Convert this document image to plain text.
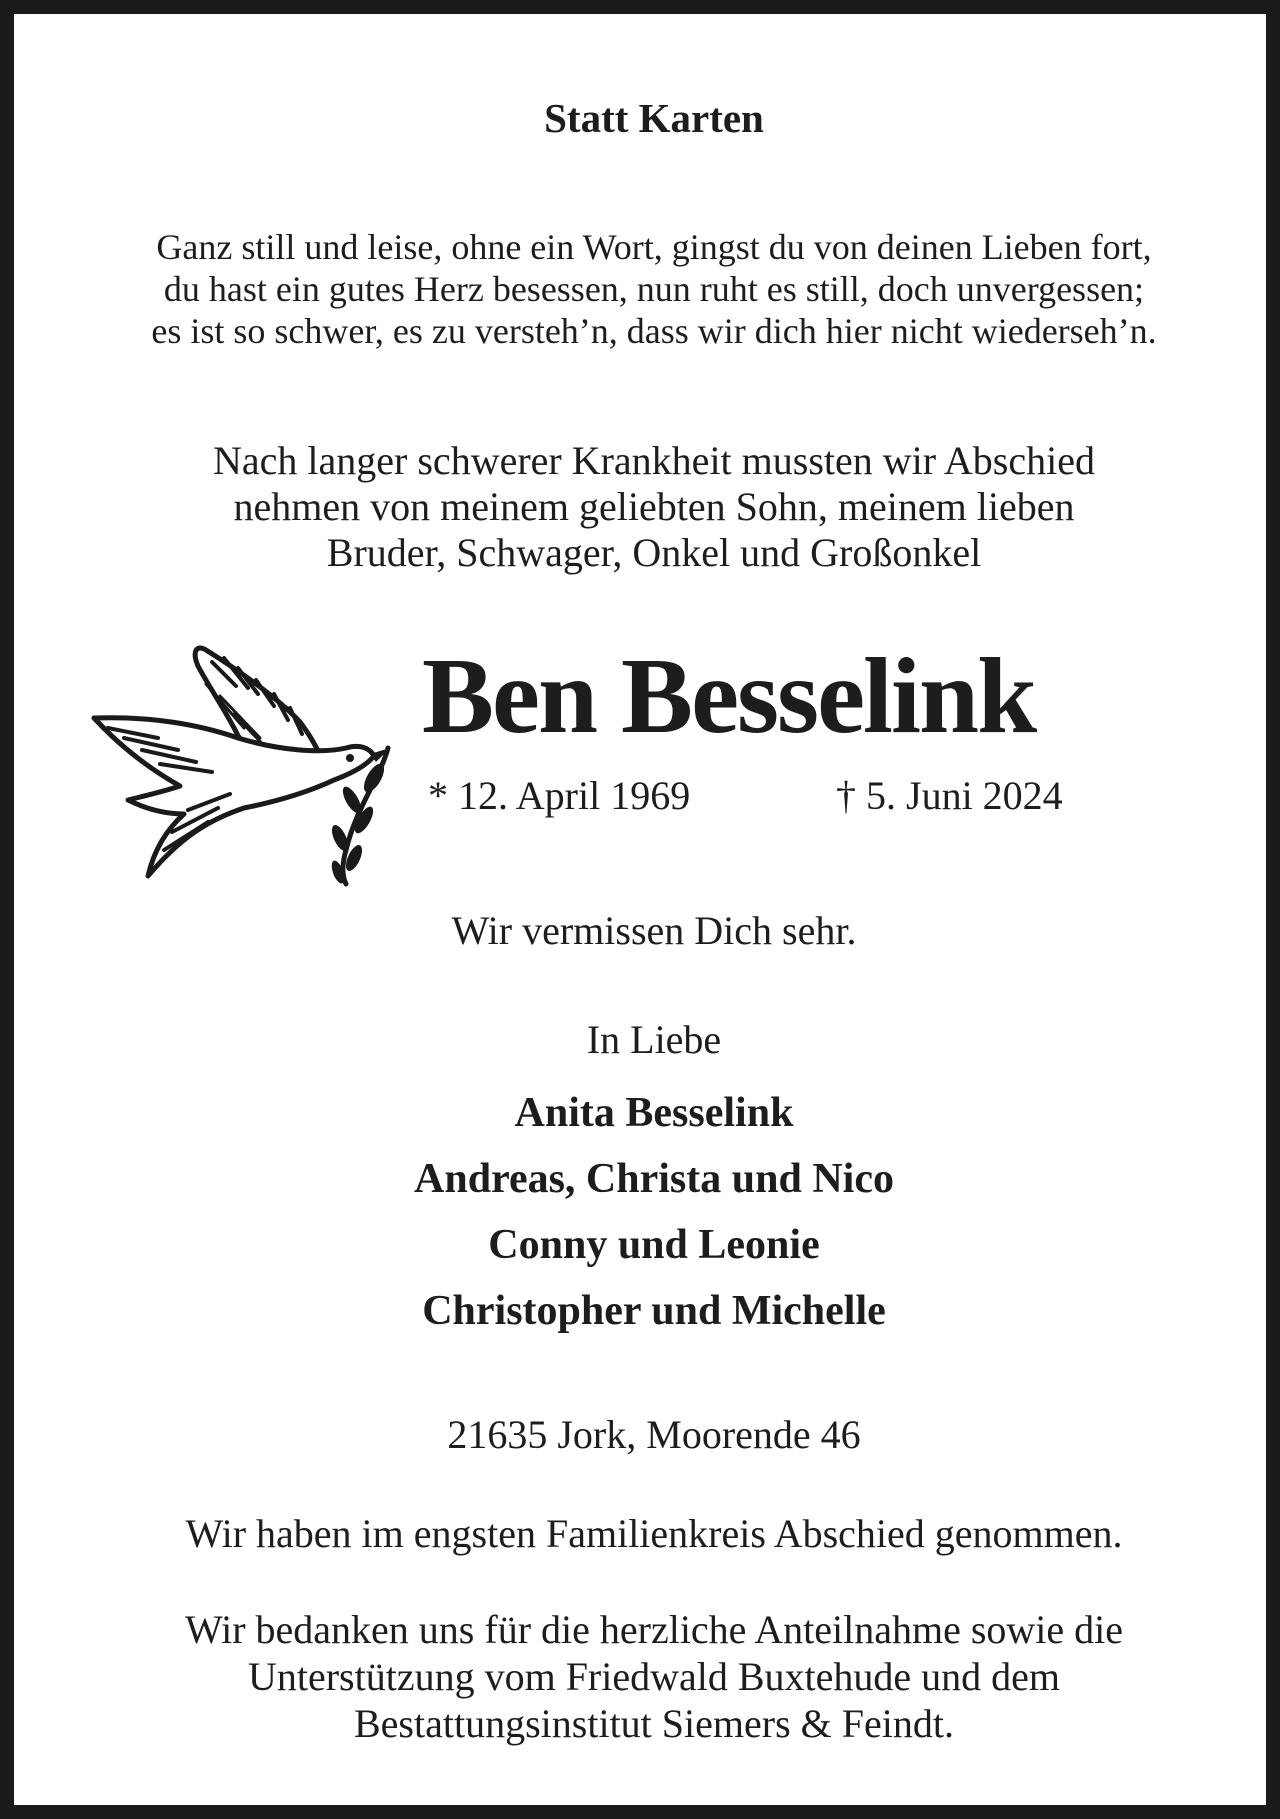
Statt Karten
Ganz still und leise, ohne ein Wort, gingst du von deinen Lieben fort,
du hast ein gutes Herz besessen, nun ruht es still, doch unvergessen;
es ist so schwer, es zu versteh’n, dass wir dich hier nicht wiederseh’n.
Nach langer schwerer Krankheit mussten wir Abschied
nehmen von meinem geliebten Sohn, meinem lieben
Bruder, Schwager, Onkel und Großonkel
Ben Besselink
* 12. April 1969	† 5. Juni 2024
Wir vermissen Dich sehr.
In Liebe
Anita Besselink
Andreas, Christa und Nico
Conny und Leonie
Christopher und Michelle
21635 Jork, Moorende 46
Wir haben im engsten Familienkreis Abschied genommen.
Wir bedanken uns für die herzliche Anteilnahme sowie die
Unterstützung vom Friedwald Buxtehude und dem
Bestattungsinstitut Siemers & Feindt.
